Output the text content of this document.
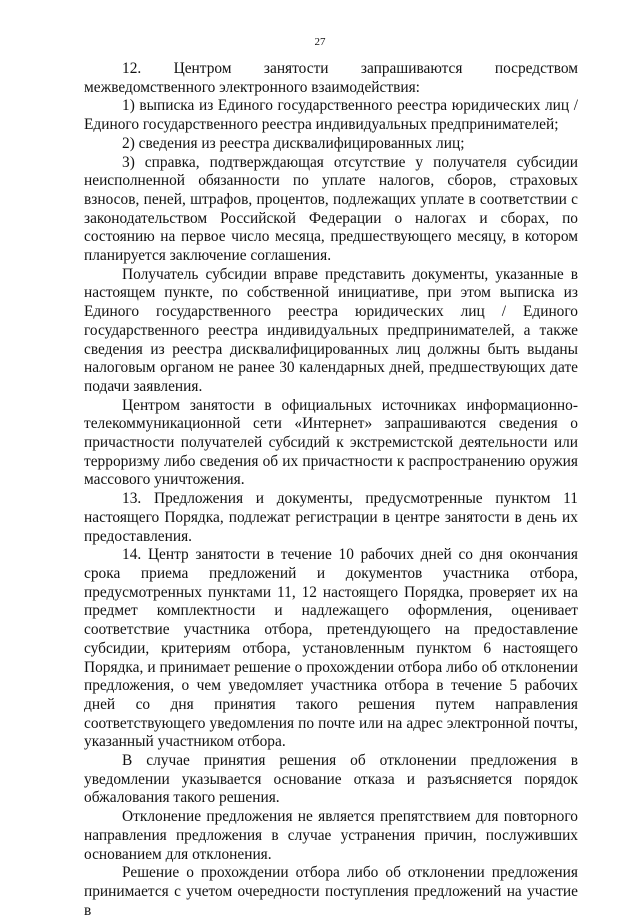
27

12. Центром занятости запрашиваются посредством межведомственного электронного взаимодействия:

1) выписка из Единого государственного реестра юридических лиц / Единого государственного реестра индивидуальных предпринимателей;

2) сведения из реестра дисквалифицированных лиц;

3) справка, подтверждающая отсутствие у получателя субсидии неисполненной обязанности по уплате налогов, сборов, страховых взносов, пеней, штрафов, процентов, подлежащих уплате в соответствии с законодательством Российской Федерации о налогах и сборах, по состоянию на первое число месяца, предшествующего месяцу, в котором планируется заключение соглашения.

Получатель субсидии вправе представить документы, указанные в настоящем пункте, по собственной инициативе, при этом выписка из Единого государственного реестра юридических лиц / Единого государственного реестра индивидуальных предпринимателей, а также сведения из реестра дисквалифицированных лиц должны быть выданы налоговым органом не ранее 30 календарных дней, предшествующих дате подачи заявления.

Центром занятости в официальных источниках информационно-телекоммуникационной сети «Интернет» запрашиваются сведения о причастности получателей субсидий к экстремистской деятельности или терроризму либо сведения об их причастности к распространению оружия массового уничтожения.

13. Предложения и документы, предусмотренные пунктом 11 настоящего Порядка, подлежат регистрации в центре занятости в день их предоставления.

14. Центр занятости в течение 10 рабочих дней со дня окончания срока приема предложений и документов участника отбора, предусмотренных пунктами 11, 12 настоящего Порядка, проверяет их на предмет комплектности и надлежащего оформления, оценивает соответствие участника отбора, претендующего на предоставление субсидии, критериям отбора, установленным пунктом 6 настоящего Порядка, и принимает решение о прохождении отбора либо об отклонении предложения, о чем уведомляет участника отбора в течение 5 рабочих дней со дня принятия такого решения путем направления соответствующего уведомления по почте или на адрес электронной почты, указанный участником отбора.

В случае принятия решения об отклонении предложения в уведомлении указывается основание отказа и разъясняется порядок обжалования такого решения.

Отклонение предложения не является препятствием для повторного направления предложения в случае устранения причин, послуживших основанием для отклонения.

Решение о прохождении отбора либо об отклонении предложения принимается с учетом очередности поступления предложений на участие в
